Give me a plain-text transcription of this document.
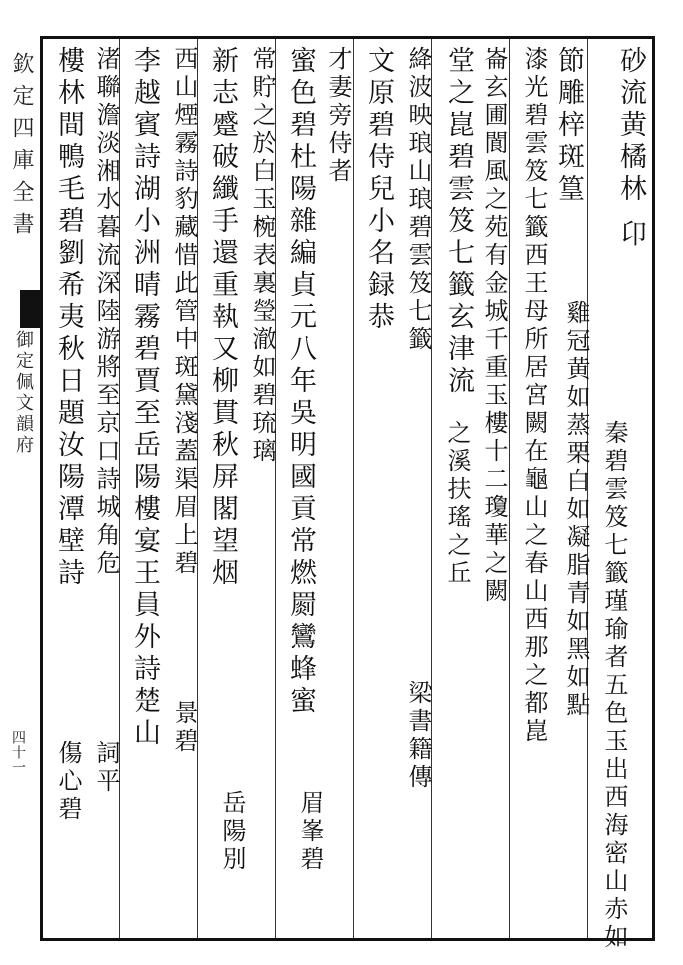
欽定四庫全書
御定佩文韻府
四十一
砂流黄橘林 卬
秦碧雲笈七籤瑾瑜者五色玉出西海密山赤如
節雕梓斑篁
雞冠黄如蒸栗白如凝脂青如黑如點
漆光碧雲笈七籤西王母所居宮闕在龜山之春山西那之都崑
崙玄圃閬風之苑有金城千重玉樓十二瓊華之闕
堂之崑碧雲笈七籤玄津流
之溪扶瑤之丘
絳波映琅山琅碧雲笈七籤
梁書籍傳
文原碧侍兒小名録恭
才妻旁侍者
蜜色碧杜陽雜編貞元八年吳明國貢常燃罽鸞蜂蜜
眉峯碧
常貯之於白玉椀表裏瑩澈如碧琉璃
新志蹙破纖手還重執又柳貫秋屏閣望烟
岳陽別
西山煙霧詩豹藏惜此管中斑黛淺蓋渠眉上碧
景碧
李越賓詩湖小洲晴霧碧賈至岳陽樓宴王員外詩楚山
渚聯澹淡湘水暮流深陸游將至京口詩城角危
樓林間鴨毛碧劉希夷秋日題汝陽潭壁詩
傷心碧 詞平
